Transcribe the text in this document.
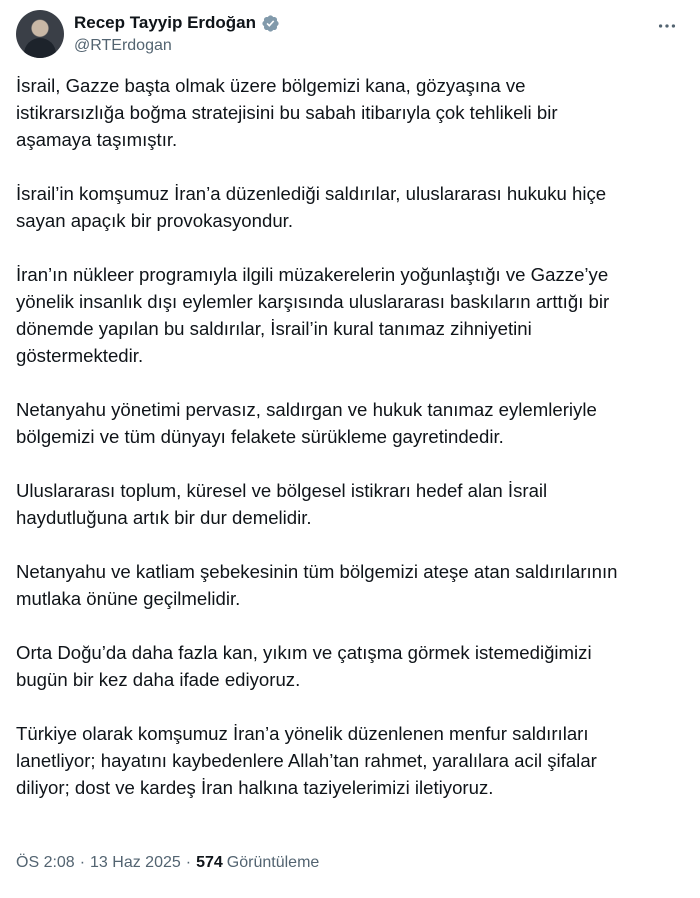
Recep Tayyip Erdoğan
@RTErdogan

İsrail, Gazze başta olmak üzere bölgemizi kana, gözyaşına ve
istikrarsızlığa boğma stratejisini bu sabah itibarıyla çok tehlikeli bir
aşamaya taşımıştır.

İsrail’in komşumuz İran’a düzenlediği saldırılar, uluslararası hukuku hiçe
sayan apaçık bir provokasyondur.

İran’ın nükleer programıyla ilgili müzakerelerin yoğunlaştığı ve Gazze’ye
yönelik insanlık dışı eylemler karşısında uluslararası baskıların arttığı bir
dönemde yapılan bu saldırılar, İsrail’in kural tanımaz zihniyetini
göstermektedir.

Netanyahu yönetimi pervasız, saldırgan ve hukuk tanımaz eylemleriyle
bölgemizi ve tüm dünyayı felakete sürükleme gayretindedir.

Uluslararası toplum, küresel ve bölgesel istikrarı hedef alan İsrail
haydutluğuna artık bir dur demelidir.

Netanyahu ve katliam şebekesinin tüm bölgemizi ateşe atan saldırılarının
mutlaka önüne geçilmelidir.

Orta Doğu’da daha fazla kan, yıkım ve çatışma görmek istemediğimizi
bugün bir kez daha ifade ediyoruz.

Türkiye olarak komşumuz İran’a yönelik düzenlenen menfur saldırıları
lanetliyor; hayatını kaybedenlere Allah’tan rahmet, yaralılara acil şifalar
diliyor; dost ve kardeş İran halkına taziyelerimizi iletiyoruz.

ÖS 2:08 · 13 Haz 2025 · 574 Görüntüleme
